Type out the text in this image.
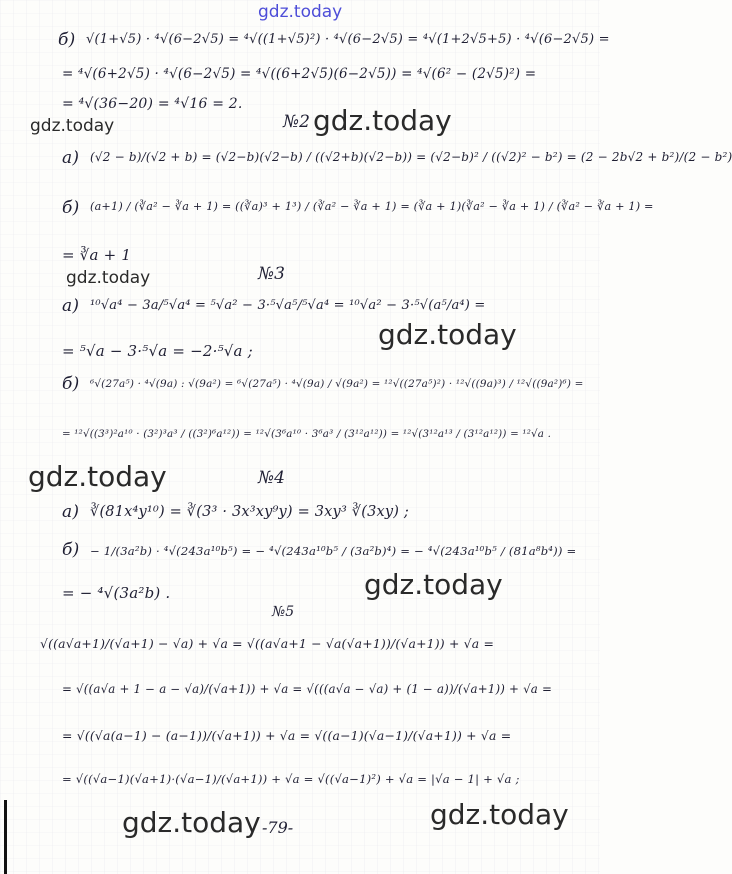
gdz.today
б) √(1+√5) · ⁴√(6−2√5) = ⁴√((1+√5)²) · ⁴√(6−2√5) = ⁴√(1+2√5+5) · ⁴√(6−2√5) =
= ⁴√(6+2√5) · ⁴√(6−2√5) = ⁴√((6+2√5)(6−2√5)) = ⁴√(6² − (2√5)²) =
= ⁴√(36−20) = ⁴√16 = 2.
gdz.today	№2 gdz.today
а) (√2 − b)/(√2 + b) = (√2−b)(√2−b) / ((√2+b)(√2−b)) = (√2−b)² / ((√2)² − b²) = (2 − 2b√2 + b²)/(2 − b²)
б) (a+1) / (∛a² − ∛a + 1) = ((∛a)³ + 1³) / (∛a² − ∛a + 1) = (∛a + 1)(∛a² − ∛a + 1) / (∛a² − ∛a + 1) =
= ∛a + 1
gdz.today	№3
а) ¹⁰√a⁴ − 3a/⁵√a⁴ = ⁵√a² − 3·⁵√a⁵/⁵√a⁴ = ¹⁰√a² − 3·⁵√(a⁵/a⁴) =
gdz.today
= ⁵√a − 3·⁵√a = −2·⁵√a ;
б) ⁶√(27a⁵) · ⁴√(9a) : √(9a²) = ⁶√(27a⁵) · ⁴√(9a) / √(9a²) = ¹²√((27a⁵)²) · ¹²√((9a)³) / ¹²√((9a²)⁶) =
= ¹²√((3³)²a¹⁰ · (3²)³a³ / ((3²)⁶a¹²)) = ¹²√(3⁶a¹⁰ · 3⁶a³ / (3¹²a¹²)) = ¹²√(3¹²a¹³ / (3¹²a¹²)) = ¹²√a .
gdz.today	№4
а) ∛(81x⁴y¹⁰) = ∛(3³ · 3x³xy⁹y) = 3xy³ ∛(3xy) ;
б) − 1/(3a²b) · ⁴√(243a¹⁰b⁵) = − ⁴√(243a¹⁰b⁵ / (3a²b)⁴) = − ⁴√(243a¹⁰b⁵ / (81a⁸b⁴)) =
gdz.today
= − ⁴√(3a²b) .
№5
√((a√a+1)/(√a+1) − √a) + √a = √((a√a+1 − √a(√a+1))/(√a+1)) + √a =
= √((a√a + 1 − a − √a)/(√a+1)) + √a = √(((a√a − √a) + (1 − a))/(√a+1)) + √a =
= √((√a(a−1) − (a−1))/(√a+1)) + √a = √((a−1)(√a−1)/(√a+1)) + √a =
= √((√a−1)(√a+1)·(√a−1)/(√a+1)) + √a = √((√a−1)²) + √a = |√a − 1| + √a ;
gdz.today
gdz.today -79-
